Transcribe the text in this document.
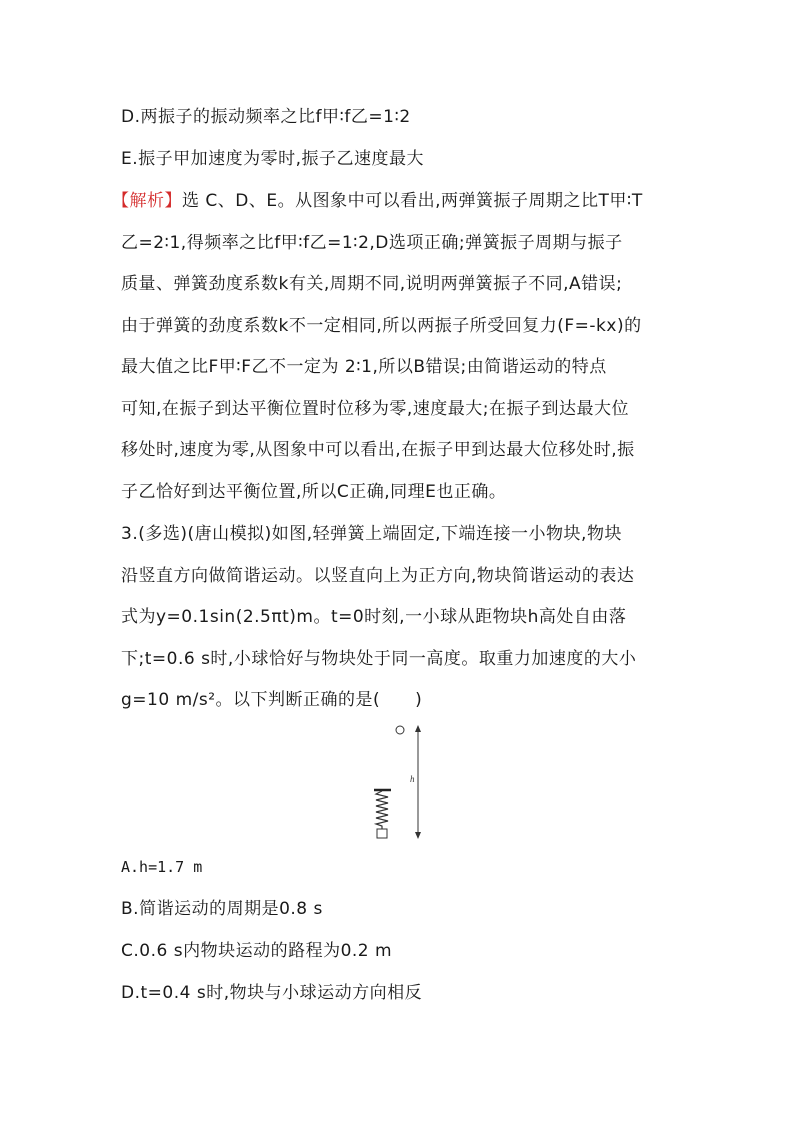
D.两振子的振动频率之比f甲∶f乙=1∶2
E.振子甲加速度为零时,振子乙速度最大
【解析】选 C、D、E。从图象中可以看出,两弹簧振子周期之比T甲∶T
乙=2∶1,得频率之比f甲∶f乙=1∶2,D选项正确;弹簧振子周期与振子
质量、弹簧劲度系数k有关,周期不同,说明两弹簧振子不同,A错误;
由于弹簧的劲度系数k不一定相同,所以两振子所受回复力(F=-kx)的
最大值之比F甲∶F乙不一定为 2∶1,所以B错误;由简谐运动的特点
可知,在振子到达平衡位置时位移为零,速度最大;在振子到达最大位
移处时,速度为零,从图象中可以看出,在振子甲到达最大位移处时,振
子乙恰好到达平衡位置,所以C正确,同理E也正确。
3.(多选)(唐山模拟)如图,轻弹簧上端固定,下端连接一小物块,物块
沿竖直方向做简谐运动。以竖直向上为正方向,物块简谐运动的表达
式为y=0.1sin(2.5πt)m。t=0时刻,一小球从距物块h高处自由落
下;t=0.6 s时,小球恰好与物块处于同一高度。取重力加速度的大小
g=10 m/s²。以下判断正确的是(　　)
h
A.h=1.7 m
B.简谐运动的周期是0.8 s
C.0.6 s内物块运动的路程为0.2 m
D.t=0.4 s时,物块与小球运动方向相反
